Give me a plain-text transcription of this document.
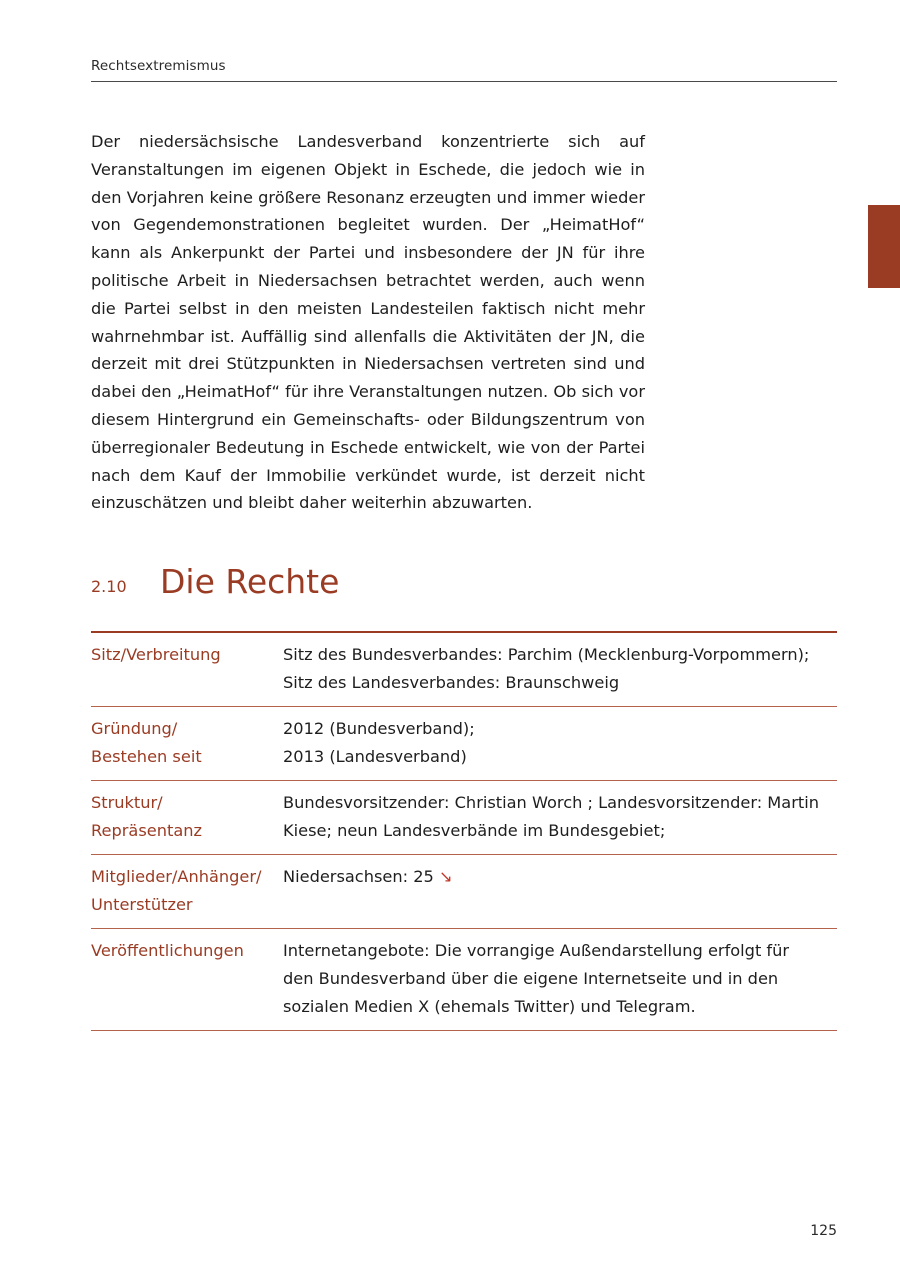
Rechtsextremismus

Der niedersächsische Landesverband konzentrierte sich auf Veranstaltungen im eigenen Objekt in Eschede, die jedoch wie in den Vorjahren keine größere Resonanz erzeugten und immer wieder von Gegendemonstrationen begleitet wurden. Der „HeimatHof“ kann als Ankerpunkt der Partei und insbesondere der JN für ihre politische Arbeit in Niedersachsen betrachtet werden, auch wenn die Partei selbst in den meisten Landesteilen faktisch nicht mehr wahrnehmbar ist. Auffällig sind allenfalls die Aktivitäten der JN, die derzeit mit drei Stützpunkten in Niedersachsen vertreten sind und dabei den „HeimatHof“ für ihre Veranstaltungen nutzen. Ob sich vor diesem Hintergrund ein Gemeinschafts- oder Bildungszentrum von überregionaler Bedeutung in Eschede entwickelt, wie von der Partei nach dem Kauf der Immobilie verkündet wurde, ist derzeit nicht einzuschätzen und bleibt daher weiterhin abzuwarten.

2.10 Die Rechte
Sitz/Verbreitung	Sitz des Bundesverbandes: Parchim (Mecklenburg-Vorpommern);
Sitz des Landesverbandes: Braunschweig

Gründung/
Bestehen seit	2012 (Bundesverband);
2013 (Landesverband)

Struktur/
Repräsentanz	Bundesvorsitzender: Christian Worch ; Landesvorsitzender: Martin
Kiese; neun Landesverbände im Bundesgebiet;

Mitglieder/Anhänger/
Unterstützer	Niedersachsen: 25 ↘

Veröffentlichungen	Internetangebote: Die vorrangige Außendarstellung erfolgt für
den Bundesverband über die eigene Internetseite und in den
sozialen Medien X (ehemals Twitter) und Telegram.
125
